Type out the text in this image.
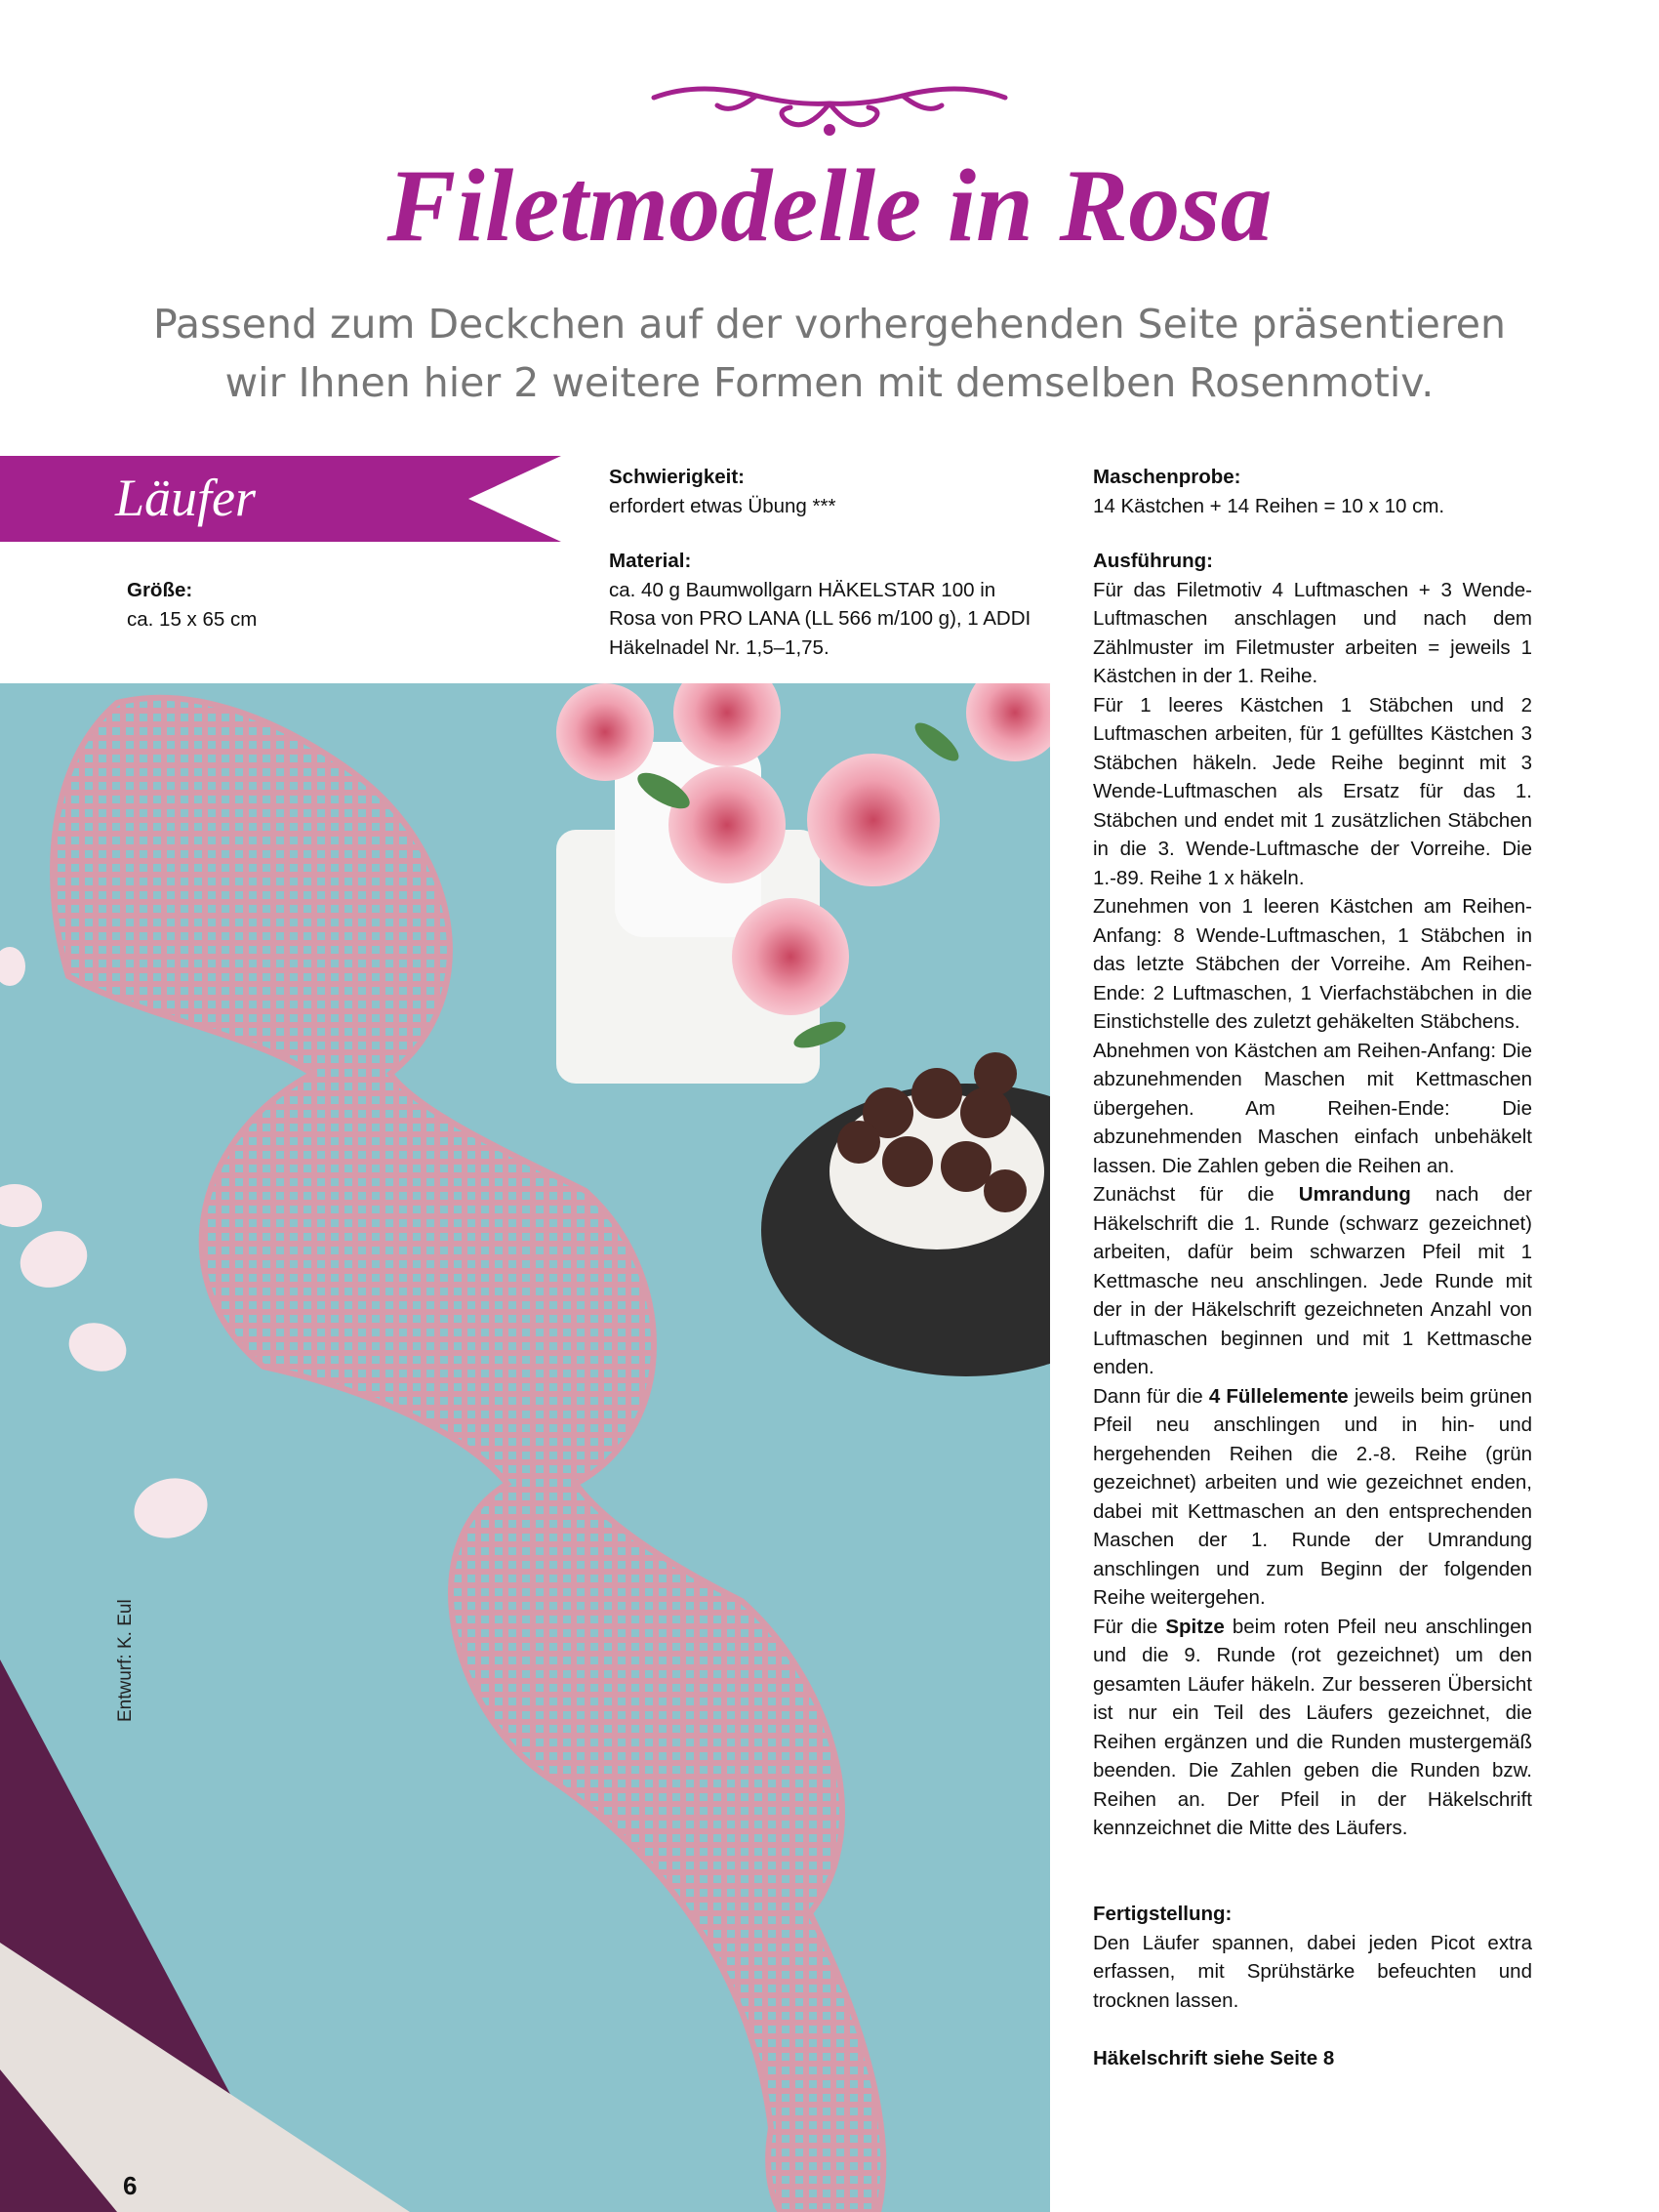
Filetmodelle in Rosa
Passend zum Deckchen auf der vorhergehenden Seite präsentieren
wir Ihnen hier 2 weitere Formen mit demselben Rosenmotiv.
Läufer
Größe:
ca. 15 x 65 cm
Schwierigkeit:
erfordert etwas Übung ***
Material:
ca. 40 g Baumwollgarn HÄKELSTAR 100 in
Rosa von PRO LANA (LL 566 m/100 g), 1 ADDI
Häkelnadel Nr. 1,5–1,75.
Maschenprobe:
14 Kästchen + 14 Reihen = 10 x 10 cm.
Ausführung:

Für das Filetmotiv 4 Luftmaschen + 3 Wende-Luftmaschen anschlagen und nach dem Zählmuster im Filetmuster arbeiten = jeweils 1 Kästchen in der 1. Reihe.

Für 1 leeres Kästchen 1 Stäbchen und 2 Luftmaschen arbeiten, für 1 gefülltes Kästchen 3 Stäbchen häkeln. Jede Reihe beginnt mit 3 Wende-Luftmaschen als Ersatz für das 1. Stäbchen und endet mit 1 zusätzlichen Stäbchen in die 3. Wende-Luftmasche der Vorreihe. Die 1.-89. Reihe 1 x häkeln.

Zunehmen von 1 leeren Kästchen am Reihen-Anfang: 8 Wende-Luftmaschen, 1 Stäbchen in das letzte Stäbchen der Vorreihe. Am Reihen-Ende: 2 Luftmaschen, 1 Vierfachstäbchen in die Einstichstelle des zuletzt gehäkelten Stäbchens.

Abnehmen von Kästchen am Reihen-Anfang: Die abzunehmenden Maschen mit Kettmaschen übergehen. Am Reihen-Ende: Die abzunehmenden Maschen einfach unbehäkelt lassen. Die Zahlen geben die Reihen an.

Zunächst für die Umrandung nach der Häkelschrift die 1. Runde (schwarz gezeichnet) arbeiten, dafür beim schwarzen Pfeil mit 1 Kettmasche neu anschlingen. Jede Runde mit der in der Häkelschrift gezeichneten Anzahl von Luftmaschen beginnen und mit 1 Kettmasche enden.

Dann für die 4 Füllelemente jeweils beim grünen Pfeil neu anschlingen und in hin- und hergehenden Reihen die 2.-8. Reihe (grün gezeichnet) arbeiten und wie gezeichnet enden, dabei mit Kettmaschen an den entsprechenden Maschen der 1. Runde der Umrandung anschlingen und zum Beginn der folgenden Reihe weitergehen.

Für die Spitze beim roten Pfeil neu anschlingen und die 9. Runde (rot gezeichnet) um den gesamten Läufer häkeln. Zur besseren Übersicht ist nur ein Teil des Läufers gezeichnet, die Reihen ergänzen und die Runden mustergemäß beenden. Die Zahlen geben die Runden bzw. Reihen an. Der Pfeil in der Häkelschrift kennzeichnet die Mitte des Läufers.

Fertigstellung:

Den Läufer spannen, dabei jeden Picot extra erfassen, mit Sprühstärke befeuchten und trocknen lassen.

Häkelschrift siehe Seite 8
Entwurf: K. Eul
6
